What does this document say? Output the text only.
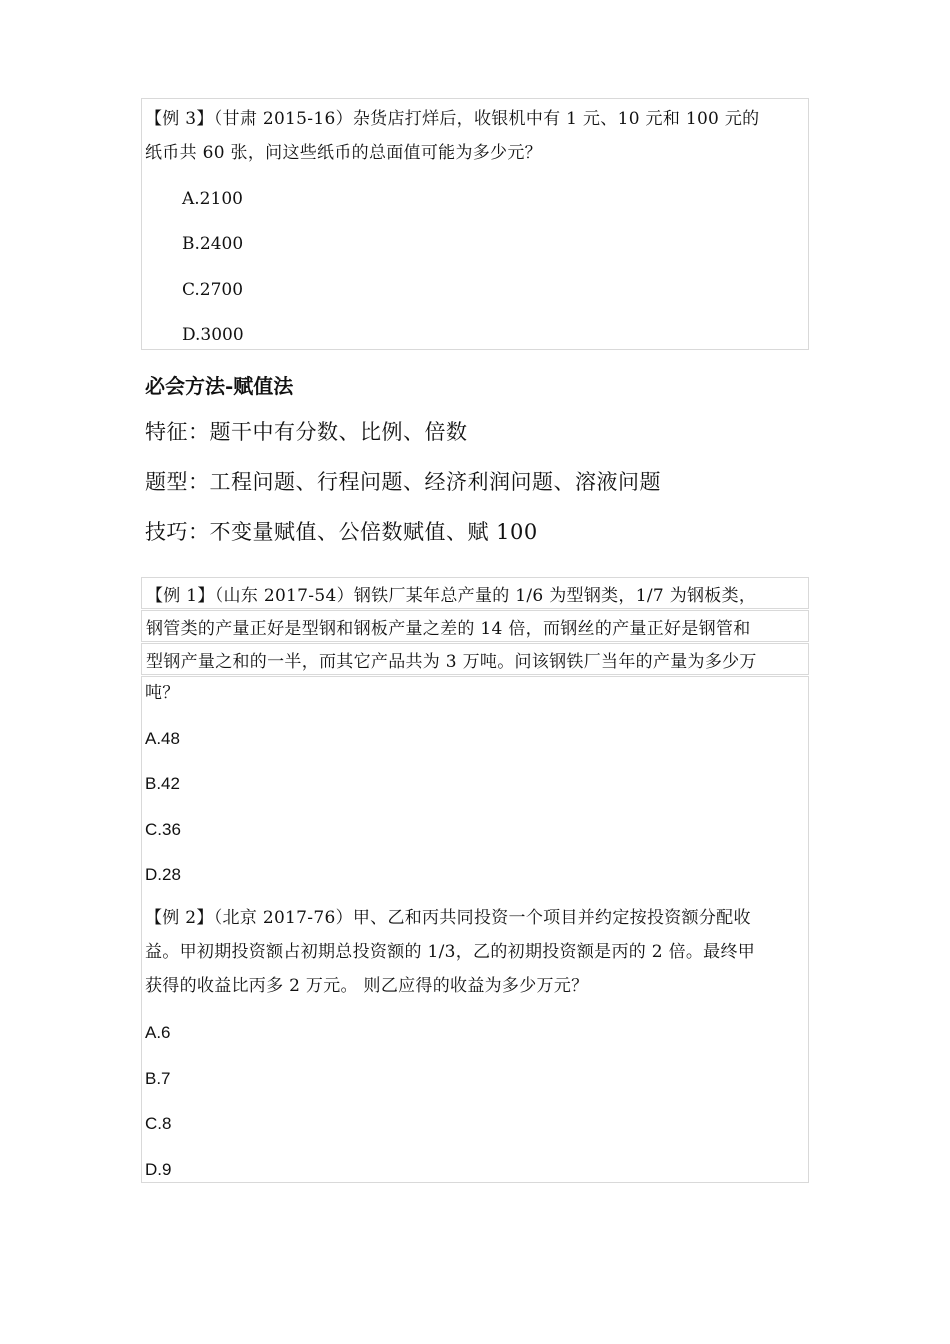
【例 3】（甘肃 2015-16）杂货店打烊后，收银机中有 1 元、10 元和 100 元的
纸币共 60 张，问这些纸币的总面值可能为多少元？
A.2100
B.2400
C.2700
D.3000
必会方法-赋值法
特征：题干中有分数、比例、倍数
题型：工程问题、行程问题、经济利润问题、溶液问题
技巧：不变量赋值、公倍数赋值、赋 100
【例 1】（山东 2017-54）钢铁厂某年总产量的 1/6 为型钢类，1/7 为钢板类，
钢管类的产量正好是型钢和钢板产量之差的 14 倍，而钢丝的产量正好是钢管和
型钢产量之和的一半，而其它产品共为 3 万吨。问该钢铁厂当年的产量为多少万
吨？
A.48
B.42
C.36
D.28
【例 2】（北京 2017-76）甲、乙和丙共同投资一个项目并约定按投资额分配收
益。甲初期投资额占初期总投资额的 1/3，乙的初期投资额是丙的 2 倍。最终甲
获得的收益比丙多 2 万元。 则乙应得的收益为多少万元？
A.6
B.7
C.8
D.9
